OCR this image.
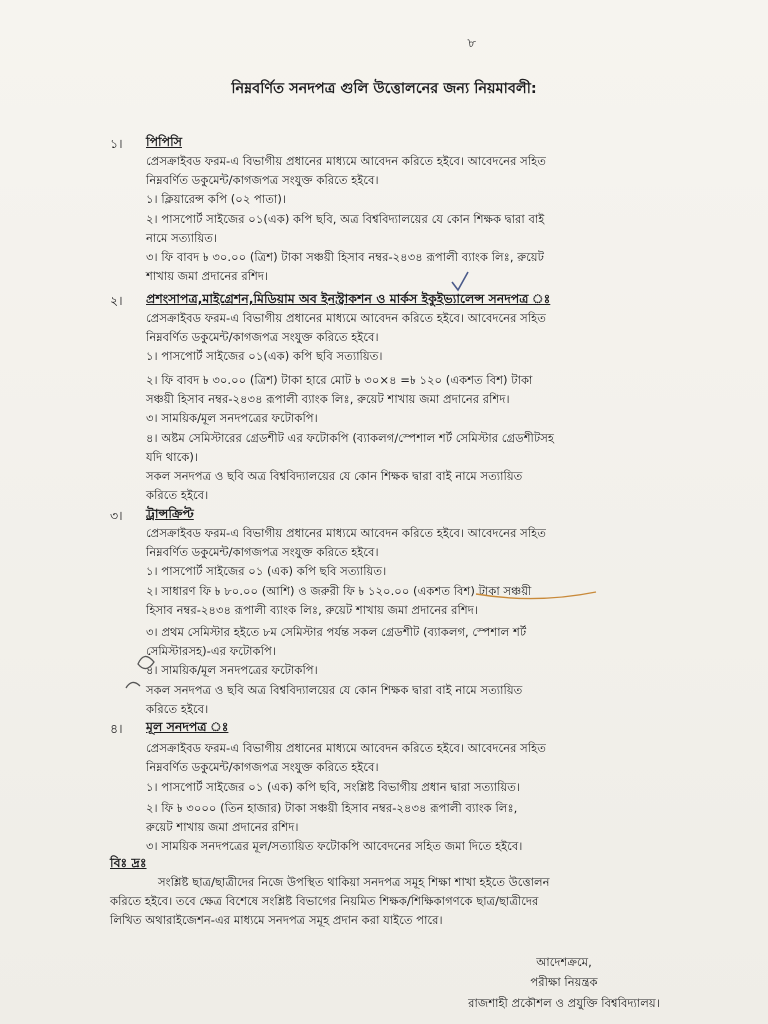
৮
নিম্নবর্ণিত সনদপত্র গুলি উত্তোলনের জন্য নিয়মাবলী:
১। পিপিসি
প্রেসক্রাইবড ফরম-এ বিভাগীয় প্রধানের মাধ্যমে আবেদন করিতে হইবে। আবেদনের সহিত
নিম্নবর্ণিত ডকুমেন্ট/কাগজপত্র সংযুক্ত করিতে হইবে।
১। ক্লিয়ারেন্স কপি (০২ পাতা)।
২। পাসপোর্ট সাইজের ০১(এক) কপি ছবি, অত্র বিশ্ববিদ্যালয়ের যে কোন শিক্ষক দ্বারা বাই
নামে সত্যায়িত।
৩। ফি বাবদ ৳ ৩০.০০ (ত্রিশ) টাকা সঞ্চয়ী হিসাব নম্বর-২৪৩৪ রূপালী ব্যাংক লিঃ, রুয়েট
শাখায় জমা প্রদানের রশিদ।
২। প্রশংসাপত্র,মাইগ্রেশন,মিডিয়াম অব ইনস্ট্রাকশন ও মার্কস ইকুইভ্যালেন্স সনদপত্র ঃ
প্রেসক্রাইবড ফরম-এ বিভাগীয় প্রধানের মাধ্যমে আবেদন করিতে হইবে। আবেদনের সহিত
নিম্নবর্ণিত ডকুমেন্ট/কাগজপত্র সংযুক্ত করিতে হইবে।
১। পাসপোর্ট সাইজের ০১(এক) কপি ছবি সত্যায়িত।
২। ফি বাবদ ৳ ৩০.০০ (ত্রিশ) টাকা হারে মোট ৳ ৩০×৪ =৳ ১২০ (একশত বিশ) টাকা
সঞ্চয়ী হিসাব নম্বর-২৪৩৪ রূপালী ব্যাংক লিঃ, রুয়েট শাখায় জমা প্রদানের রশিদ।
৩। সাময়িক/মূল সনদপত্রের ফটোকপি।
৪। অষ্টম সেমিস্টারের গ্রেডশীট এর ফটোকপি (ব্যাকলগ/স্পেশাল শর্ট সেমিস্টার গ্রেডশীটসহ
যদি থাকে)।
সকল সনদপত্র ও ছবি অত্র বিশ্ববিদ্যালয়ের যে কোন শিক্ষক দ্বারা বাই নামে সত্যায়িত
করিতে হইবে।
৩। ট্রান্সক্রিপ্ট
প্রেসক্রাইবড ফরম-এ বিভাগীয় প্রধানের মাধ্যমে আবেদন করিতে হইবে। আবেদনের সহিত
নিম্নবর্ণিত ডকুমেন্ট/কাগজপত্র সংযুক্ত করিতে হইবে।
১। পাসপোর্ট সাইজের ০১ (এক) কপি ছবি সত্যায়িত।
২। সাধারণ ফি ৳ ৮০.০০ (আশি) ও জরুরী ফি ৳ ১২০.০০ (একশত বিশ) টাকা সঞ্চয়ী
হিসাব নম্বর-২৪৩৪ রূপালী ব্যাংক লিঃ, রুয়েট শাখায় জমা প্রদানের রশিদ।
৩। প্রথম সেমিস্টার হইতে ৮ম সেমিস্টার পর্যন্ত সকল গ্রেডশীট (ব্যাকলগ, স্পেশাল শর্ট
সেমিস্টারসহ)-এর ফটোকপি।
৪। সাময়িক/মূল সনদপত্রের ফটোকপি।
সকল সনদপত্র ও ছবি অত্র বিশ্ববিদ্যালয়ের যে কোন শিক্ষক দ্বারা বাই নামে সত্যায়িত
করিতে হইবে।
৪। মূল সনদপত্র ঃ
প্রেসক্রাইবড ফরম-এ বিভাগীয় প্রধানের মাধ্যমে আবেদন করিতে হইবে। আবেদনের সহিত
নিম্নবর্ণিত ডকুমেন্ট/কাগজপত্র সংযুক্ত করিতে হইবে।
১। পাসপোর্ট সাইজের ০১ (এক) কপি ছবি, সংশ্লিষ্ট বিভাগীয় প্রধান দ্বারা সত্যায়িত।
২। ফি ৳ ৩০০০ (তিন হাজার) টাকা সঞ্চয়ী হিসাব নম্বর-২৪৩৪ রূপালী ব্যাংক লিঃ,
রুয়েট শাখায় জমা প্রদানের রশিদ।
৩। সাময়িক সনদপত্রের মূল/সত্যায়িত ফটোকপি আবেদনের সহিত জমা দিতে হইবে।
বিঃ দ্রঃ
সংশ্লিষ্ট ছাত্র/ছাত্রীদের নিজে উপস্থিত থাকিয়া সনদপত্র সমূহ শিক্ষা শাখা হইতে উত্তোলন
করিতে হইবে। তবে ক্ষেত্র বিশেষে সংশ্লিষ্ট বিভাগের নিয়মিত শিক্ষক/শিক্ষিকাগণকে ছাত্র/ছাত্রীদের
লিখিত অথারাইজেশন-এর মাধ্যমে সনদপত্র সমূহ প্রদান করা যাইতে পারে।
আদেশক্রমে,
পরীক্ষা নিয়ন্ত্রক
রাজশাহী প্রকৌশল ও প্রযুক্তি বিশ্ববিদ্যালয়।
